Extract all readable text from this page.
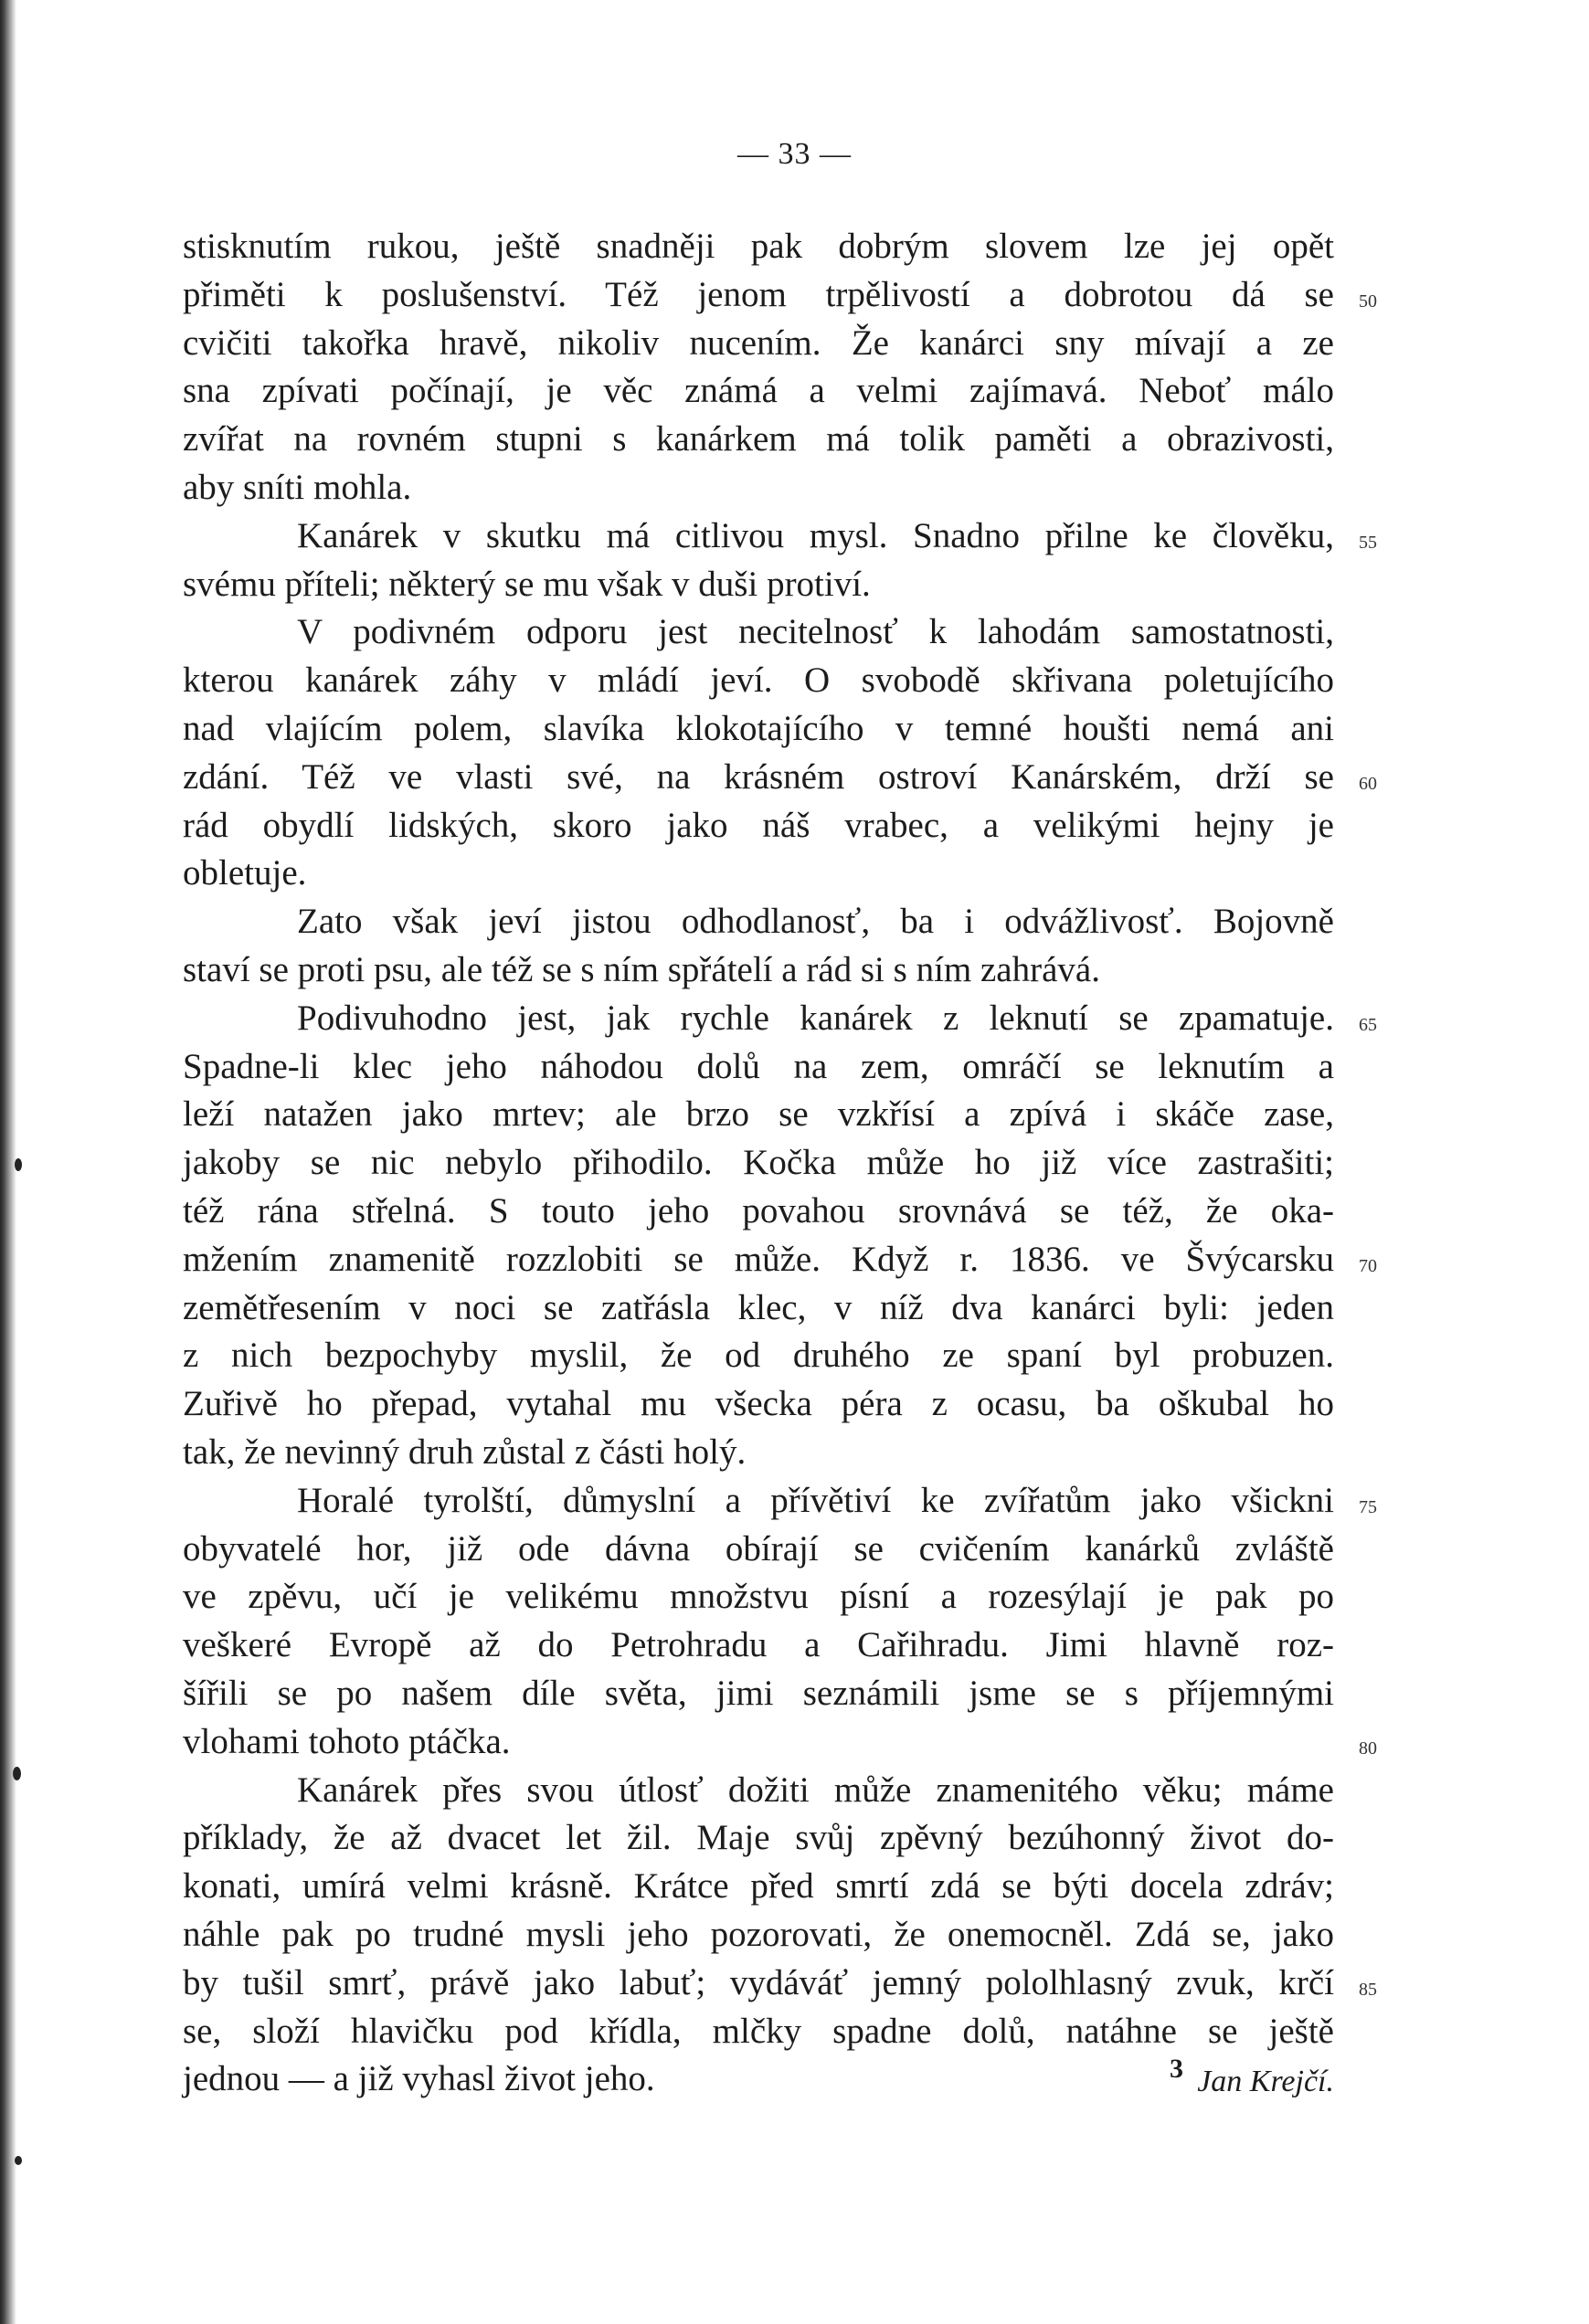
— 33 —
stisknutím rukou, ještě snadněji pak dobrým slovem lze jej opět
přiměti k poslušenství. Též jenom trpělivostí a dobrotou dá se
cvičiti takořka hravě, nikoliv nucením. Že kanárci sny mívají a ze
sna zpívati počínají, je věc známá a velmi zajímavá. Neboť málo
zvířat na rovném stupni s kanárkem má tolik paměti a obrazivosti,
aby sníti mohla.
Kanárek v skutku má citlivou mysl. Snadno přilne ke člověku,
svému příteli; některý se mu však v duši protiví.
V podivném odporu jest necitelnosť k lahodám samostatnosti,
kterou kanárek záhy v mládí jeví. O svobodě skřivana poletujícího
nad vlajícím polem, slavíka klokotajícího v temné houšti nemá ani
zdání. Též ve vlasti své, na krásném ostroví Kanárském, drží se
rád obydlí lidských, skoro jako náš vrabec, a velikými hejny je
obletuje.
Zato však jeví jistou odhodlanosť, ba i odvážlivosť. Bojovně
staví se proti psu, ale též se s ním spřátelí a rád si s ním zahrává.
Podivuhodno jest, jak rychle kanárek z leknutí se zpamatuje.
Spadne-li klec jeho náhodou dolů na zem, omráčí se leknutím a
leží natažen jako mrtev; ale brzo se vzkřísí a zpívá i skáče zase,
jakoby se nic nebylo přihodilo. Kočka může ho již více zastrašiti;
též rána střelná. S touto jeho povahou srovnává se též, že oka-
mžením znamenitě rozzlobiti se může. Když r. 1836. ve Švýcarsku
zemětřesením v noci se zatřásla klec, v níž dva kanárci byli: jeden
z nich bezpochyby myslil, že od druhého ze spaní byl probuzen.
Zuřivě ho přepad, vytahal mu všecka péra z ocasu, ba oškubal ho
tak, že nevinný druh zůstal z části holý.
Horalé tyrolští, důmyslní a přívětiví ke zvířatům jako všickni
obyvatelé hor, již ode dávna obírají se cvičením kanárků zvláště
ve zpěvu, učí je velikému množstvu písní a rozesýlají je pak po
veškeré Evropě až do Petrohradu a Cařihradu. Jimi hlavně roz-
šířili se po našem díle světa, jimi seznámili jsme se s příjemnými
vlohami tohoto ptáčka.
Kanárek přes svou útlosť dožiti může znamenitého věku; máme
příklady, že až dvacet let žil. Maje svůj zpěvný bezúhonný život do-
konati, umírá velmi krásně. Krátce před smrtí zdá se býti docela zdráv;
náhle pak po trudné mysli jeho pozorovati, že onemocněl. Zdá se, jako
by tušil smrť, právě jako labuť; vydáváť jemný pololhlasný zvuk, krčí
se, složí hlavičku pod křídla, mlčky spadne dolů, natáhne se ještě
jednou — a již vyhasl život jeho.	Jan Krejčí.
50
55
60
65
70
75
80
85
3
